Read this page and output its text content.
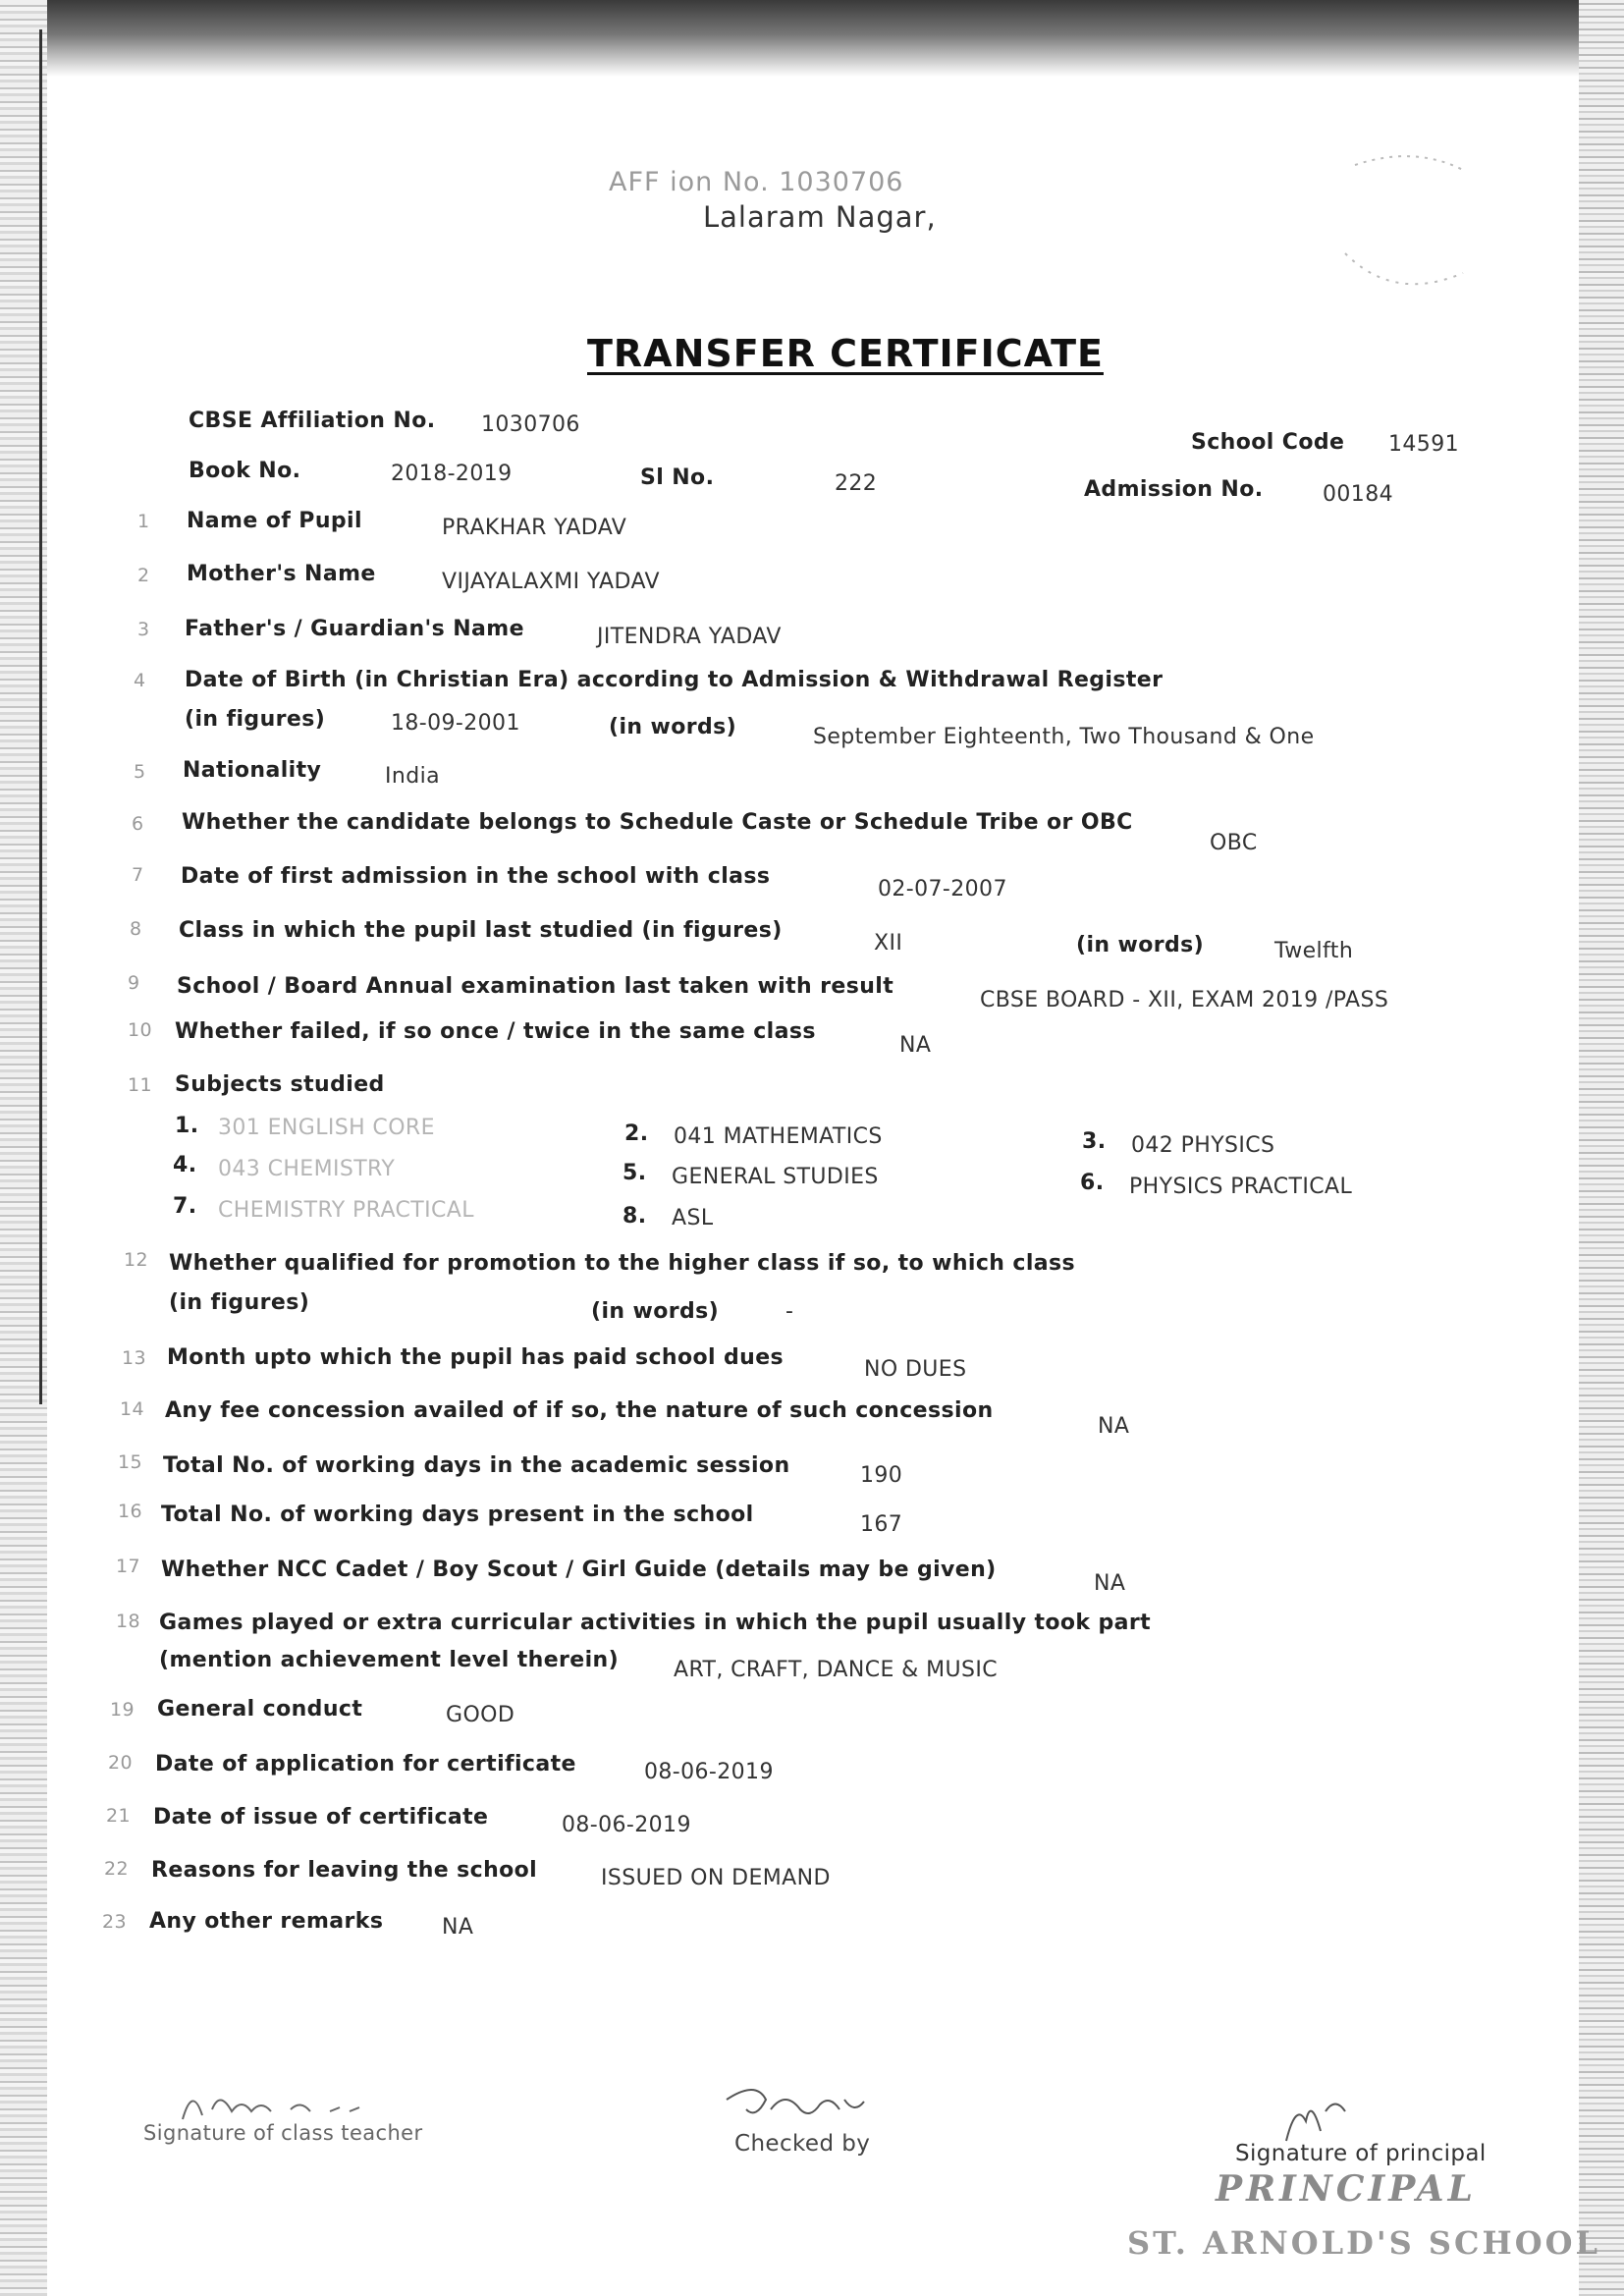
AFF ion No. 1030706
Lalaram Nagar,
TRANSFER CERTIFICATE
CBSE Affiliation No. 1030706
School Code 14591
Book No.	2018-2019	Sl No.	222	Admission No.	00184
1 Name of Pupil	PRAKHAR YADAV
2 Mother's Name	VIJAYALAXMI YADAV
3 Father's / Guardian's Name	JITENDRA YADAV
4 Date of Birth (in Christian Era) according to Admission & Withdrawal Register
(in figures)	18-09-2001	(in words)	September Eighteenth, Two Thousand & One
5 Nationality	India
6 Whether the candidate belongs to Schedule Caste or Schedule Tribe or OBC
OBC
7 Date of first admission in the school with class
02-07-2007
8 Class in which the pupil last studied (in figures)
XII	(in words)	Twelfth
9 School / Board Annual examination last taken with result
CBSE BOARD - XII, EXAM 2019 /PASS
10 Whether failed, if so once / twice in the same class
NA
11 Subjects studied
1. 301 ENGLISH CORE	2. 041 MATHEMATICS	3. 042 PHYSICS
4. 043 CHEMISTRY	5. GENERAL STUDIES	6. PHYSICS PRACTICAL
7. CHEMISTRY PRACTICAL	8. ASL
12 Whether qualified for promotion to the higher class if so, to which class
(in figures)	(in words)	-
13 Month upto which the pupil has paid school dues	NO DUES
14 Any fee concession availed of if so, the nature of such concession
NA
15 Total No. of working days in the academic session	190
16 Total No. of working days present in the school	167
17 Whether NCC Cadet / Boy Scout / Girl Guide (details may be given)
NA
18 Games played or extra curricular activities in which the pupil usually took part
(mention achievement level therein)	ART, CRAFT, DANCE & MUSIC
19 General conduct	GOOD
20 Date of application for certificate	08-06-2019
21 Date of issue of certificate	08-06-2019
22 Reasons for leaving the school	ISSUED ON DEMAND
23 Any other remarks	NA
Signature of class teacher	Checked by	Signature of principal
PRINCIPAL
ST. ARNOLD'S SCHOOL
